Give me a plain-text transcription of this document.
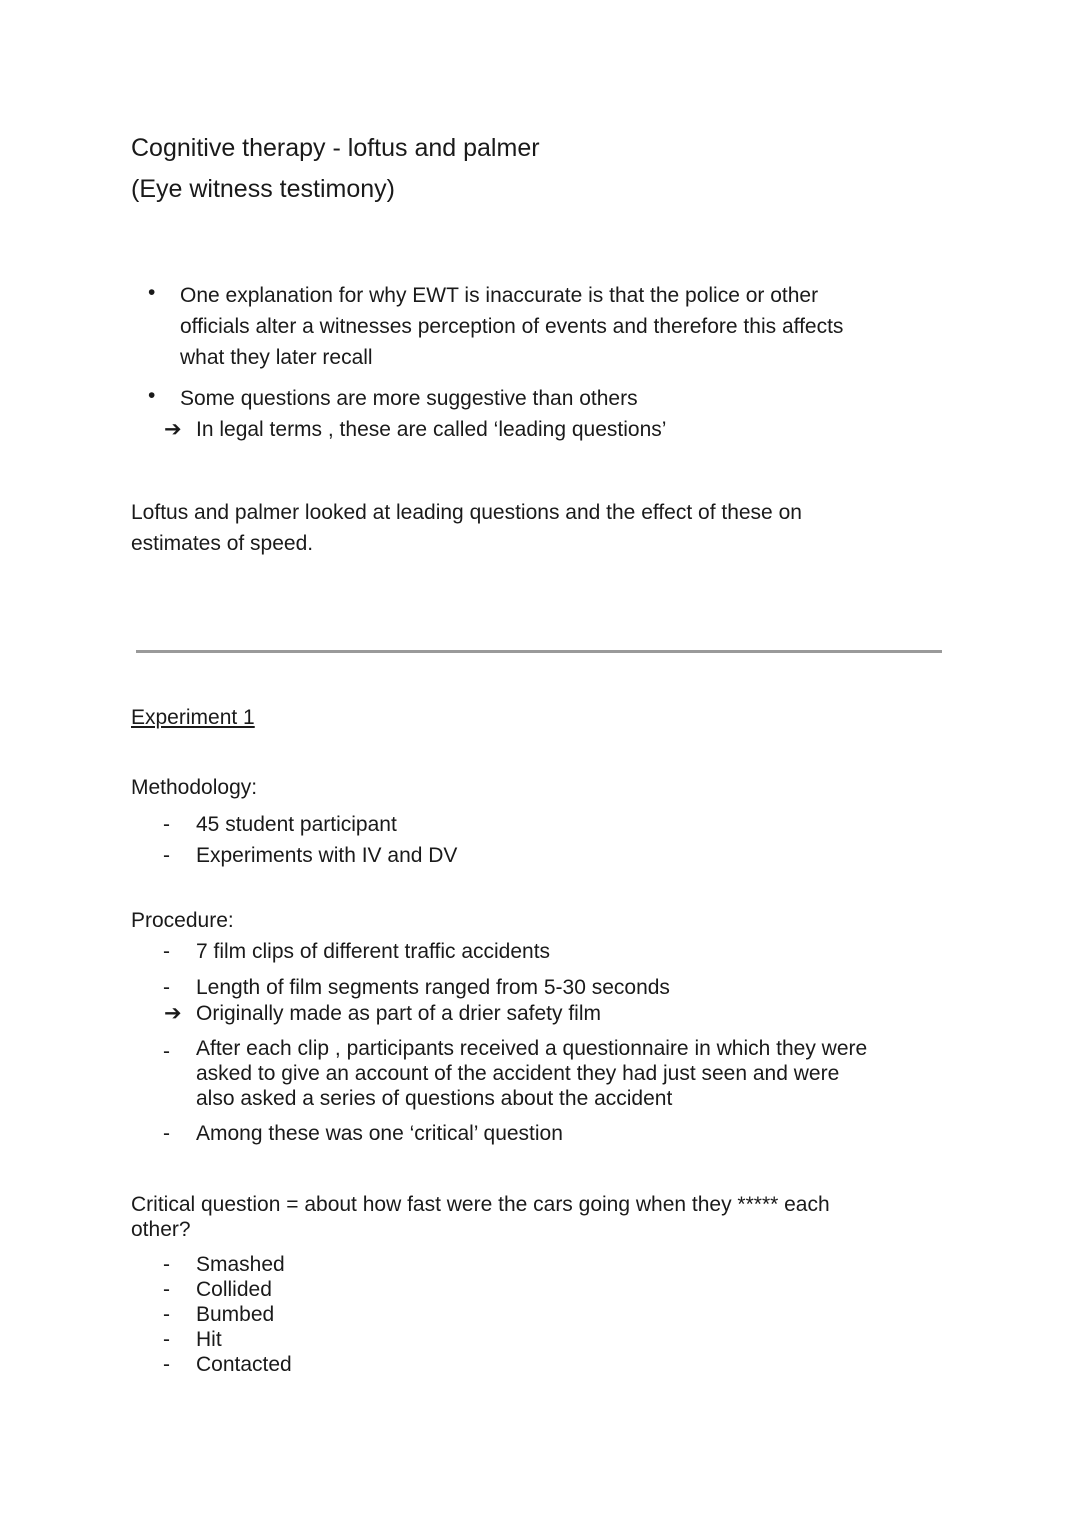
Cognitive therapy - loftus and palmer
(Eye witness testimony)
• One explanation for why EWT is inaccurate is that the police or other
officials alter a witnesses perception of events and therefore this affects
what they later recall
• Some questions are more suggestive than others
➔ In legal terms , these are called ‘leading questions’
Loftus and palmer looked at leading questions and the effect of these on
estimates of speed.
Experiment 1
Methodology:
- 45 student participant
- Experiments with IV and DV
Procedure:
- 7 film clips of different traffic accidents
- Length of film segments ranged from 5-30 seconds
➔ Originally made as part of a drier safety film
- After each clip , participants received a questionnaire in which they were
asked to give an account of the accident they had just seen and were
also asked a series of questions about the accident
- Among these was one ‘critical’ question
Critical question = about how fast were the cars going when they ***** each
other?
- Smashed
- Collided
- Bumbed
- Hit
- Contacted
